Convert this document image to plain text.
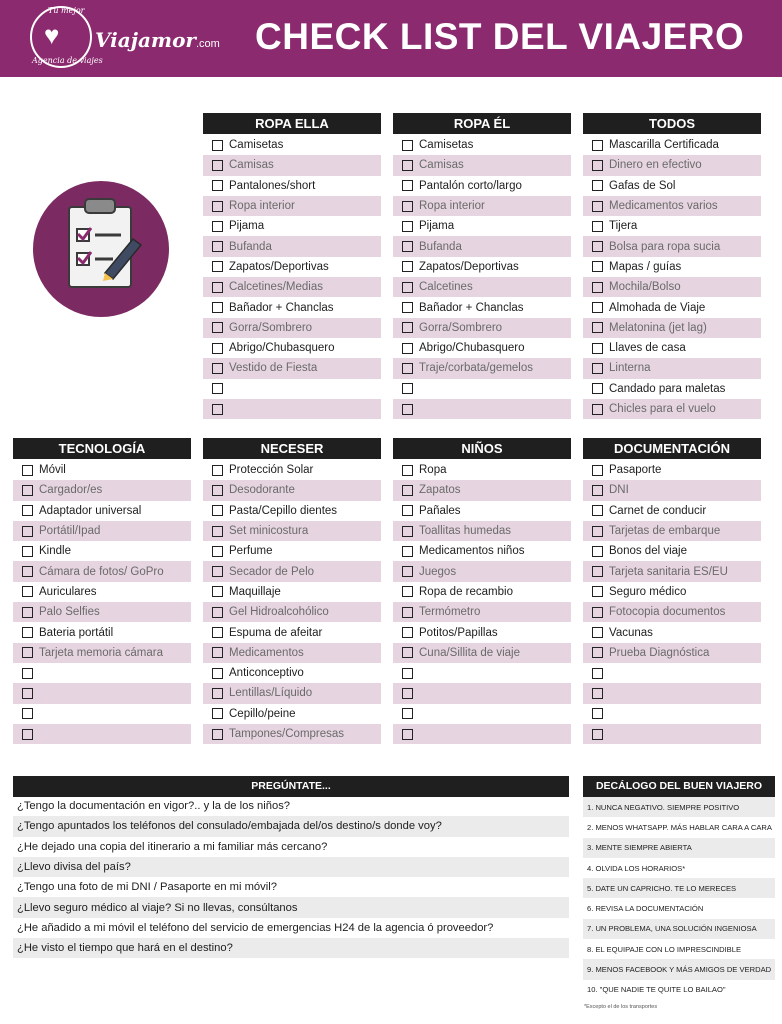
Tu mejor
♥
Agencia de viajes
Viajamor.com CHECK LIST DEL VIAJERO
ROPA ELLA
Camisetas
Camisas
Pantalones/short
Ropa interior
Pijama
Bufanda
Zapatos/Deportivas
Calcetines/Medias
Bañador + Chanclas
Gorra/Sombrero
Abrigo/Chubasquero
Vestido de Fiesta
ROPA ÉL
Camisetas
Camisas
Pantalón corto/largo
Ropa interior
Pijama
Bufanda
Zapatos/Deportivas
Calcetines
Bañador + Chanclas
Gorra/Sombrero
Abrigo/Chubasquero
Traje/corbata/gemelos
TODOS
Mascarilla Certificada
Dinero en efectivo
Gafas de Sol
Medicamentos varios
Tijera
Bolsa para ropa sucia
Mapas / guías
Mochila/Bolso
Almohada de Viaje
Melatonina (jet lag)
Llaves de casa
Linterna
Candado para maletas
Chicles para el vuelo
TECNOLOGÍA
Móvil
Cargador/es
Adaptador universal
Portátil/Ipad
Kindle
Cámara de fotos/ GoPro
Auriculares
Palo Selfies
Bateria portátil
Tarjeta memoria cámara
NECESER
Protección Solar
Desodorante
Pasta/Cepillo dientes
Set minicostura
Perfume
Secador de Pelo
Maquillaje
Gel Hidroalcohólico
Espuma de afeitar
Medicamentos
Anticonceptivo
Lentillas/Líquido
Cepillo/peine
Tampones/Compresas
NIÑOS
Ropa
Zapatos
Pañales
Toallitas humedas
Medicamentos niños
Juegos
Ropa de recambio
Termómetro
Potitos/Papillas
Cuna/Sillita de viaje
DOCUMENTACIÓN
Pasaporte
DNI
Carnet de conducir
Tarjetas de embarque
Bonos del viaje
Tarjeta sanitaria ES/EU
Seguro médico
Fotocopia documentos
Vacunas
Prueba Diagnóstica
PREGÚNTATE...
¿Tengo la documentación en vigor?.. y la de los niños?
¿Tengo apuntados los teléfonos del consulado/embajada del/os destino/s donde voy?
¿He dejado una copia del itinerario a mi familiar más cercano?
¿Llevo divisa del país?
¿Tengo una foto de mi DNI / Pasaporte en mi móvil?
¿Llevo seguro médico al viaje? Si no llevas, consúltanos
¿He añadido a mi móvil el teléfono del servicio de emergencias H24 de la agencia ó proveedor?
¿He visto el tiempo que hará en el destino?
DECÁLOGO DEL BUEN VIAJERO
1. NUNCA NEGATIVO. SIEMPRE POSITIVO
2. MENOS WHATSAPP. MÁS HABLAR CARA A CARA
3. MENTE SIEMPRE ABIERTA
4. OLVIDA LOS HORARIOS*
5. DATE UN CAPRICHO. TE LO MERECES
6. REVISA LA DOCUMENTACIÓN
7. UN PROBLEMA, UNA SOLUCIÓN INGENIOSA
8. EL EQUIPAJE CON LO IMPRESCINDIBLE
9. MENOS FACEBOOK Y MÁS AMIGOS DE VERDAD
10. "QUE NADIE TE QUITE LO BAILAO"
*Excepto el de los transportes
